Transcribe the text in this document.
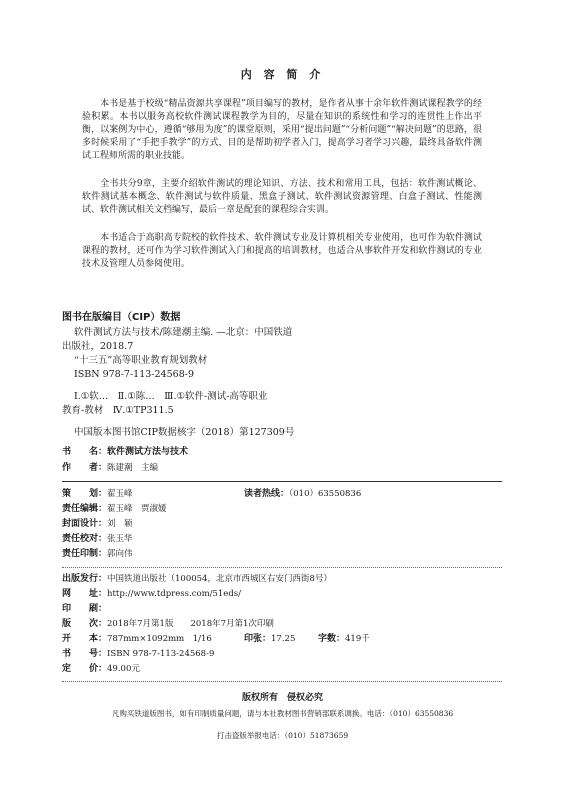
内 容 简 介
本书是基于校级“精品资源共享课程”项目编写的教材，是作者从事十余年软件测试课程教学的经验积累。本书以服务高校软件测试课程教学为目的，尽量在知识的系统性和学习的连贯性上作出平衡，以案例为中心，遵循“够用为度”的课堂原则，采用“提出问题”“分析问题”“解决问题”的思路，很多时候采用了“手把手教学”的方式，目的是帮助初学者入门，提高学习者学习兴趣，最终具备软件测试工程师所需的职业技能。
全书共分9章，主要介绍软件测试的理论知识、方法、技术和常用工具，包括：软件测试概论、软件测试基本概念、软件测试与软件质量、黑盒子测试、软件测试资源管理、白盒子测试、性能测试、软件测试相关文档编写，最后一章是配套的课程综合实训。
本书适合于高职高专院校的软件技术、软件测试专业及计算机相关专业使用，也可作为软件测试课程的教材，还可作为学习软件测试入门和提高的培训教材，也适合从事软件开发和软件测试的专业技术及管理人员参阅使用。
图书在版编目（CIP）数据
软件测试方法与技术/陈建潮主编. —北京：中国铁道
出版社，2018.7
“十三五”高等职业教育规划教材
ISBN 978-7-113-24568-9
Ⅰ.①软…　Ⅱ.①陈…　Ⅲ.①软件-测试-高等职业
教育-教材　Ⅳ.①TP311.5
中国版本图书馆CIP数据核字（2018）第127309号
书　　名：软件测试方法与技术
作　　者：陈建潮　主编
策　　划：翟玉峰	读者热线：（010）63550836
责任编辑：翟玉峰　贾淑媛
封面设计：刘　颖
责任校对：张玉华
责任印制：郭向伟
出版发行：中国铁道出版社（100054，北京市西城区右安门西街8号）
网　　址：http://www.tdpress.com/51eds/
印　　刷：
版　　次：2018年7月第1版　　2018年7月第1次印刷
开　　本：787mm×1092mm　1/16	印张：17.25	字数：419千
书　　号：ISBN 978-7-113-24568-9
定　　价：49.00元
版权所有　侵权必究
凡购买铁道版图书，如有印制质量问题，请与本社教材图书营销部联系调换。电话：（010）63550836
打击盗版举报电话：（010）51873659
